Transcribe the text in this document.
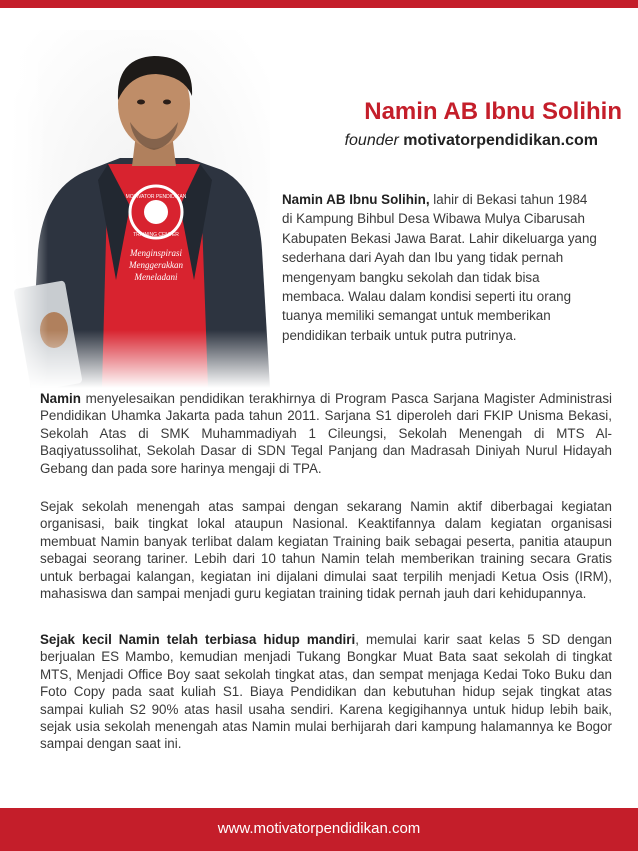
MOTIVATOR PENDIDIKAN
TRAINING CENTER
Menginspirasi
Menggerakkan
Meneladani
Namin AB Ibnu Solihin
founder motivatorpendidikan.com
Namin AB Ibnu Solihin, lahir di Bekasi tahun 1984 di Kampung Bihbul Desa Wibawa Mulya Cibarusah Kabupaten Bekasi Jawa Barat. Lahir dikeluarga yang sederhana dari Ayah dan Ibu yang tidak pernah mengenyam bangku sekolah dan tidak bisa membaca. Walau dalam kondisi seperti itu orang tuanya memiliki semangat untuk memberikan pendidikan terbaik untuk putra putrinya.
Namin menyelesaikan pendidikan terakhirnya di Program Pasca Sarjana Magister Administrasi Pendidikan Uhamka Jakarta pada tahun 2011. Sarjana S1 diperoleh dari FKIP Unisma Bekasi, Sekolah Atas di SMK Muhammadiyah 1 Cileungsi, Sekolah Menengah di MTS Al-Baqiyatussolihat, Sekolah Dasar di SDN Tegal Panjang dan Madrasah Diniyah Nurul Hidayah Gebang dan pada sore harinya mengaji di TPA.
Sejak sekolah menengah atas sampai dengan sekarang Namin aktif diberbagai kegiatan organisasi, baik tingkat lokal ataupun Nasional. Keaktifannya dalam kegiatan organisasi membuat Namin banyak terlibat dalam kegiatan Training baik sebagai peserta, panitia ataupun sebagai seorang tariner. Lebih dari 10 tahun Namin telah memberikan training secara Gratis untuk berbagai kalangan, kegiatan ini dijalani dimulai saat terpilih menjadi Ketua Osis (IRM), mahasiswa dan sampai menjadi guru kegiatan training tidak pernah jauh dari kehidupannya.
Sejak kecil Namin telah terbiasa hidup mandiri, memulai karir saat kelas 5 SD dengan berjualan ES Mambo, kemudian menjadi Tukang Bongkar Muat Bata saat sekolah di tingkat MTS, Menjadi Office Boy saat sekolah tingkat atas, dan sempat menjaga Kedai Toko Buku dan Foto Copy pada saat kuliah S1. Biaya Pendidikan dan kebutuhan hidup sejak tingkat atas sampai kuliah S2 90% atas hasil usaha sendiri. Karena kegigihannya untuk hidup lebih baik, sejak usia sekolah menengah atas Namin mulai berhijarah dari kampung halamannya ke Bogor sampai dengan saat ini.
www.motivatorpendidikan.com
